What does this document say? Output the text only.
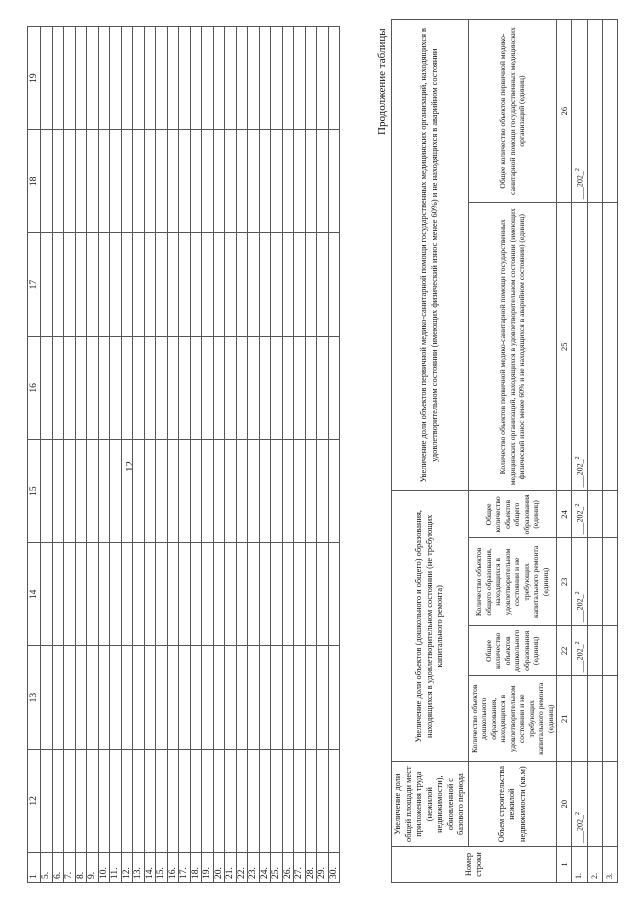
12
1	12	13	14	15	16	17	18	19
5.								
6.								
7.								
8.								
9.								
10.								
11.								
12.								
13.								
14.								
15.								
16.								
17.								
18.								
19.								
20.								
21.								
22.								
23.								
24.								
25.								
26.								
27.								
28.								
29.								
30.								
Продолжение таблицы
Номер строки	Увеличение доли общей площади мест приложения труда (нежилой недвижимости), обновленной с базового периода	Увеличение доли объектов (дошкольного и общего) образования, находящихся в удовлетворительном состоянии (не требующих капитального ремонта)				Увеличение доли объектов первичной медико-санитарной помощи государственных медицинских организаций, находящихся в удовлетворительном состоянии (имеющих физический износ менее 60%) и не находящихся в аварийном состоянии	
	Объем строительства нежилой недвижимости (кв.м)	Количество объектов дошкольного образования, находящихся в удовлетворительном состоянии и не требующих капитального ремонта (единиц)	Общее количество объектов дошкольного образования (единиц)	Количество объектов общего образования, находящихся в удовлетворительном состоянии и не требующих капитального ремонта (единиц)	Общее количество объектов общего образования (единиц)	Количество объектов первичной медико-санитарной помощи государственных медицинских организаций, находящихся в удовлетворительном состоянии (имеющих физический износ менее 60% и не находящихся в аварийном состоянии) (единиц)	Общее количество объектов первичной медико-санитарной помощи государственных медицинских организаций (единиц)
1	20	21	22	23	24	25	26
1.	___202_$^2$		___202_$^2$	___202_$^2$	___202_$^2$	___202_$^2$	___202_$^2$
2.							
3.							
